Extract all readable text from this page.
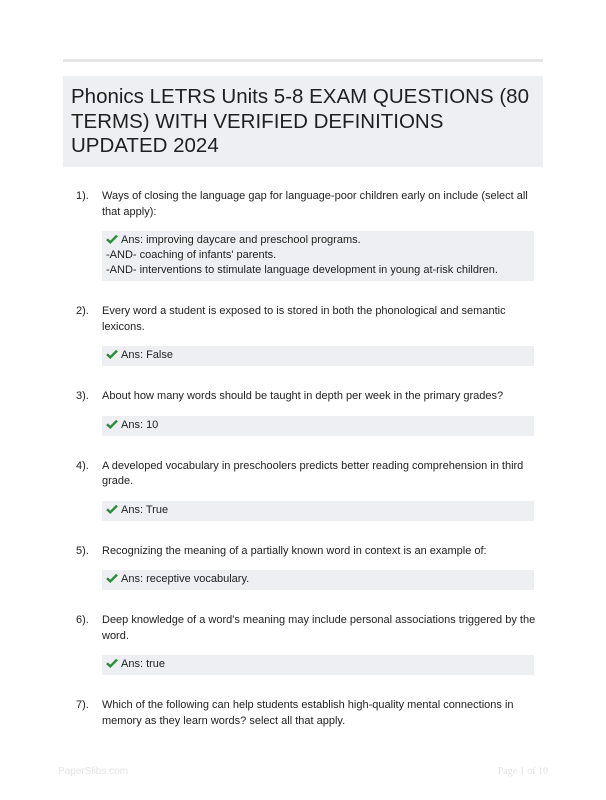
Phonics LETRS Units 5-8 EXAM QUESTIONS (80 TERMS) WITH VERIFIED DEFINITIONS UPDATED 2024
1). Ways of closing the language gap for language-poor children early on include (select all that apply):
Ans: improving daycare and preschool programs.
-AND- coaching of infants' parents.
-AND- interventions to stimulate language development in young at-risk children.
2). Every word a student is exposed to is stored in both the phonological and semantic lexicons.
Ans: False
3). About how many words should be taught in depth per week in the primary grades?
Ans: 10
4). A developed vocabulary in preschoolers predicts better reading comprehension in third grade.
Ans: True
5). Recognizing the meaning of a partially known word in context is an example of:
Ans: receptive vocabulary.
6). Deep knowledge of a word's meaning may include personal associations triggered by the word.
Ans: true
7). Which of the following can help students establish high-quality mental connections in memory as they learn words? select all that apply.
PaperSlibs.com	Page 1 of 10
